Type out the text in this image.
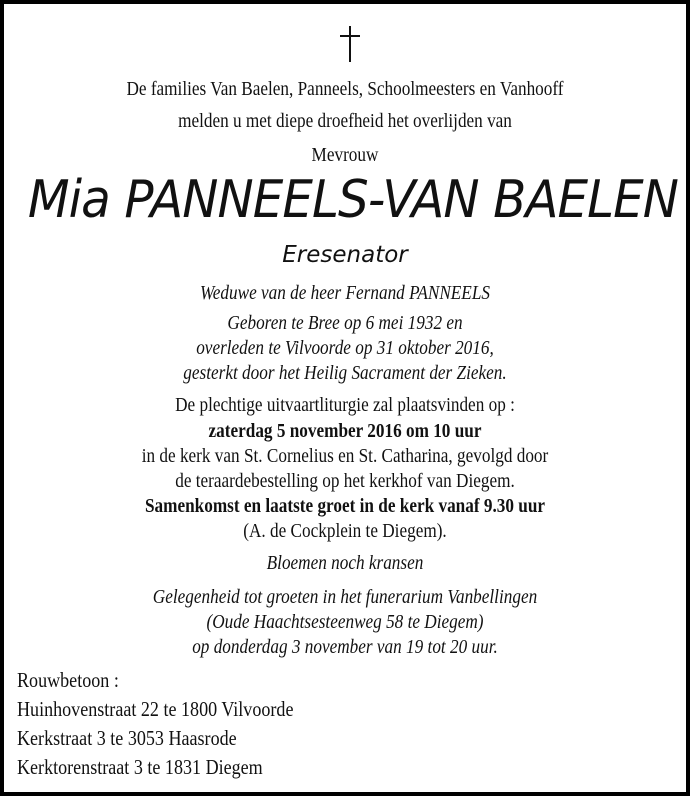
De families Van Baelen, Panneels, Schoolmeesters en Vanhooff
melden u met diepe droefheid het overlijden van
Mevrouw
Mia PANNEELS-VAN BAELEN
Eresenator
Weduwe van de heer Fernand PANNEELS
Geboren te Bree op 6 mei 1932 en
overleden te Vilvoorde op 31 oktober 2016,
gesterkt door het Heilig Sacrament der Zieken.
De plechtige uitvaartliturgie zal plaatsvinden op :
zaterdag 5 november 2016 om 10 uur
in de kerk van St. Cornelius en St. Catharina, gevolgd door
de teraardebestelling op het kerkhof van Diegem.
Samenkomst en laatste groet in de kerk vanaf 9.30 uur
(A. de Cockplein te Diegem).
Bloemen noch kransen
Gelegenheid tot groeten in het funerarium Vanbellingen
(Oude Haachtsesteenweg 58 te Diegem)
op donderdag 3 november van 19 tot 20 uur.
Rouwbetoon :
Huinhovenstraat 22 te 1800 Vilvoorde
Kerkstraat 3 te 3053 Haasrode
Kerktorenstraat 3 te 1831 Diegem
